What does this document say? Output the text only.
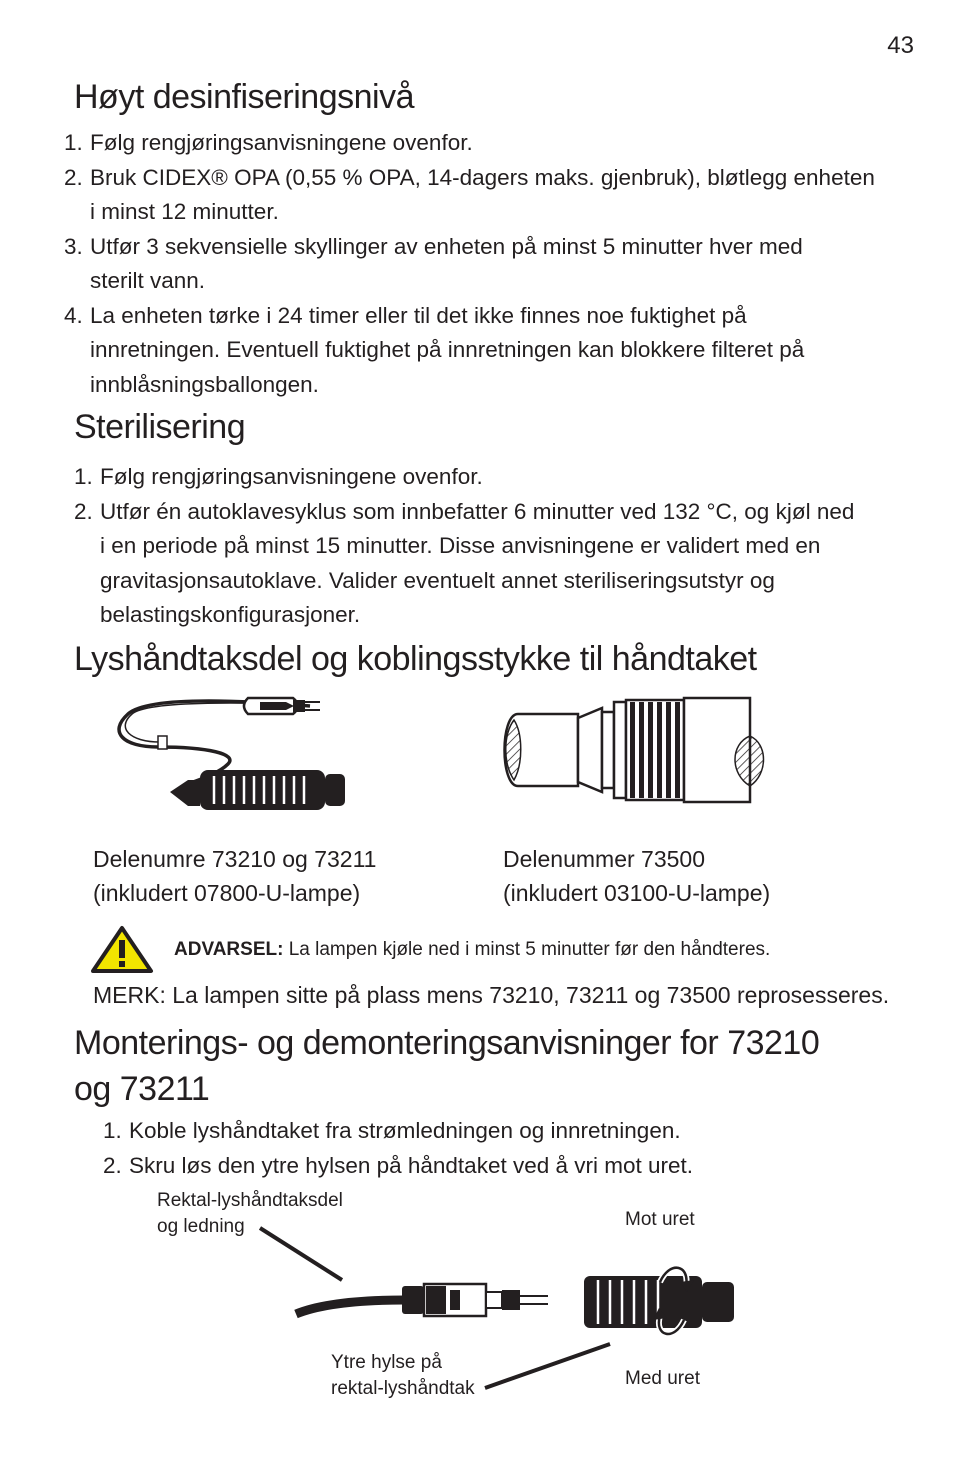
43
Høyt desinfiseringsnivå
1. Følg rengjøringsanvisningene ovenfor.
2. Bruk CIDEX® OPA (0,55 % OPA, 14-dagers maks. gjenbruk), bløtlegg enheten
i minst 12 minutter.
3. Utfør 3 sekvensielle skyllinger av enheten på minst 5 minutter hver med
sterilt vann.
4. La enheten tørke i 24 timer eller til det ikke finnes noe fuktighet på
innretningen. Eventuell fuktighet på innretningen kan blokkere filteret på
innblåsningsballongen.
Sterilisering
1. Følg rengjøringsanvisningene ovenfor.
2. Utfør én autoklavesyklus som innbefatter 6 minutter ved 132 °C, og kjøl ned
i en periode på minst 15 minutter. Disse anvisningene er validert med en
gravitasjonsautoklave. Valider eventuelt annet steriliseringsutstyr og
belastingskonfigurasjoner.
Lyshåndtaksdel og koblingsstykke til håndtaket
Delenumre 73210 og 73211
(inkludert 07800-U-lampe)
Delenummer 73500
(inkludert 03100-U-lampe)
ADVARSEL: La lampen kjøle ned i minst 5 minutter før den håndteres.
MERK: La lampen sitte på plass mens 73210, 73211 og 73500 reprosesseres.
Monterings- og demonteringsanvisninger for 73210
og 73211
1. Koble lyshåndtaket fra strømledningen og innretningen.
2. Skru løs den ytre hylsen på håndtaket ved å vri mot uret.
Rektal-lyshåndtaksdel
og ledning	Mot uret
Ytre hylse på
rektal-lyshåndtak	Med uret
